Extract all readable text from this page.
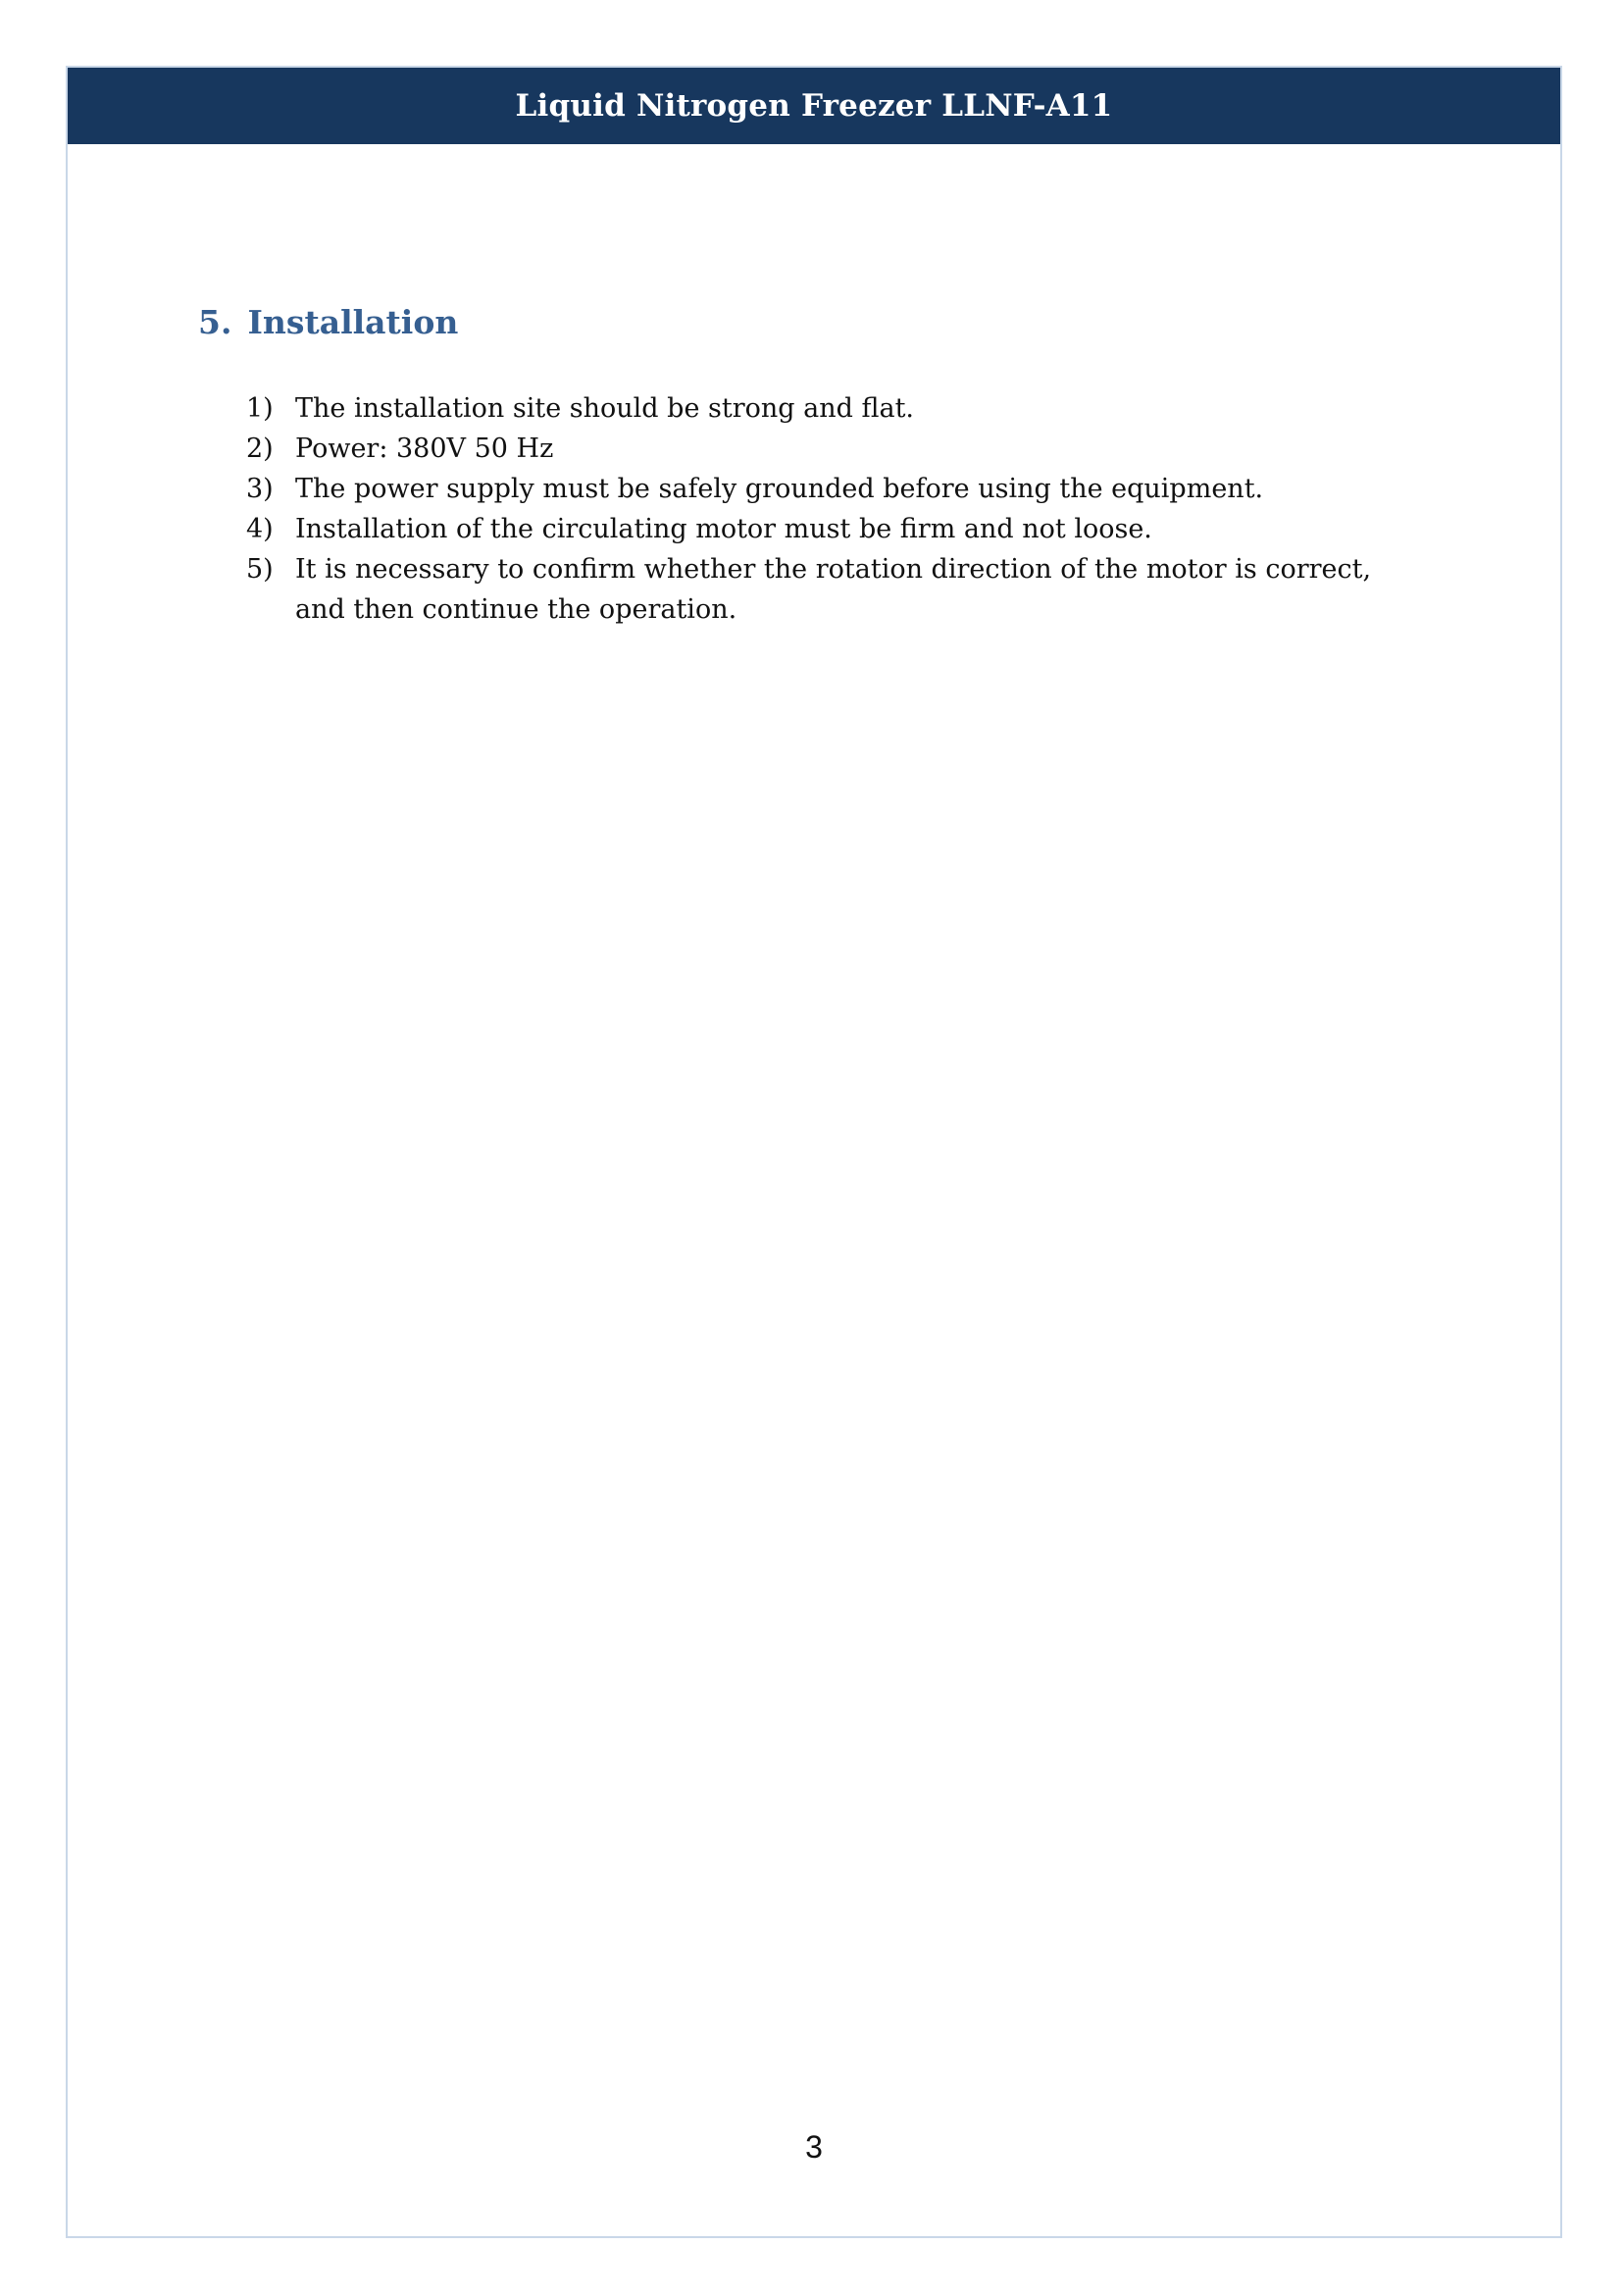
Liquid Nitrogen Freezer LLNF-A11
5. Installation
1) The installation site should be strong and flat.
2) Power: 380V 50 Hz
3) The power supply must be safely grounded before using the equipment.
4) Installation of the circulating motor must be firm and not loose.
5) It is necessary to confirm whether the rotation direction of the motor is correct, and then continue the operation.
3
